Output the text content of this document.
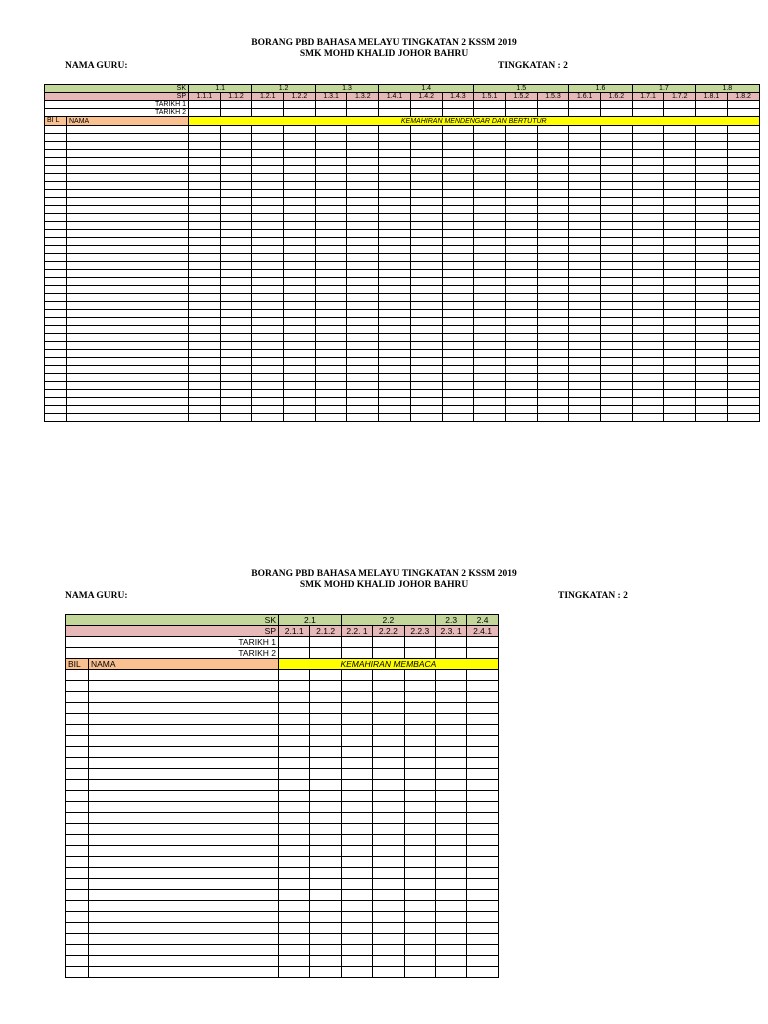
BORANG PBD BAHASA MELAYU TINGKATAN 2 KSSM 2019
SMK MOHD KHALID JOHOR BAHRU
NAMA GURU:	TINGKATAN : 2
SK		1.1		1.2		1.3		1.4			1.5			1.6		1.7		1.8	
SP		1.1.1	1.1.2	1.2.1	1.2.2	1.3.1	1.3.2	1.4.1	1.4.2	1.4.3	1.5.1	1.5.2	1.5.3	1.6.1	1.6.2	1.7.1	1.7.2	1.8.1	1.8.2
TARIKH 1																			
TARIKH 2																			
BI L	NAMA	KEMAHIRAN MENDENGAR DAN BERTUTUR																	

BORANG PBD BAHASA MELAYU TINGKATAN 2 KSSM 2019
SMK MOHD KHALID JOHOR BAHRU
NAMA GURU:	TINGKATAN : 2
SK		2.1		2.2			2.3	2.4
SP		2.1.1	2.1.2	2.2. 1	2.2.2	2.2.3	2.3. 1	2.4.1
TARIKH 1								
TARIKH 2								
BIL	NAMA	KEMAHIRAN MEMBACA						
